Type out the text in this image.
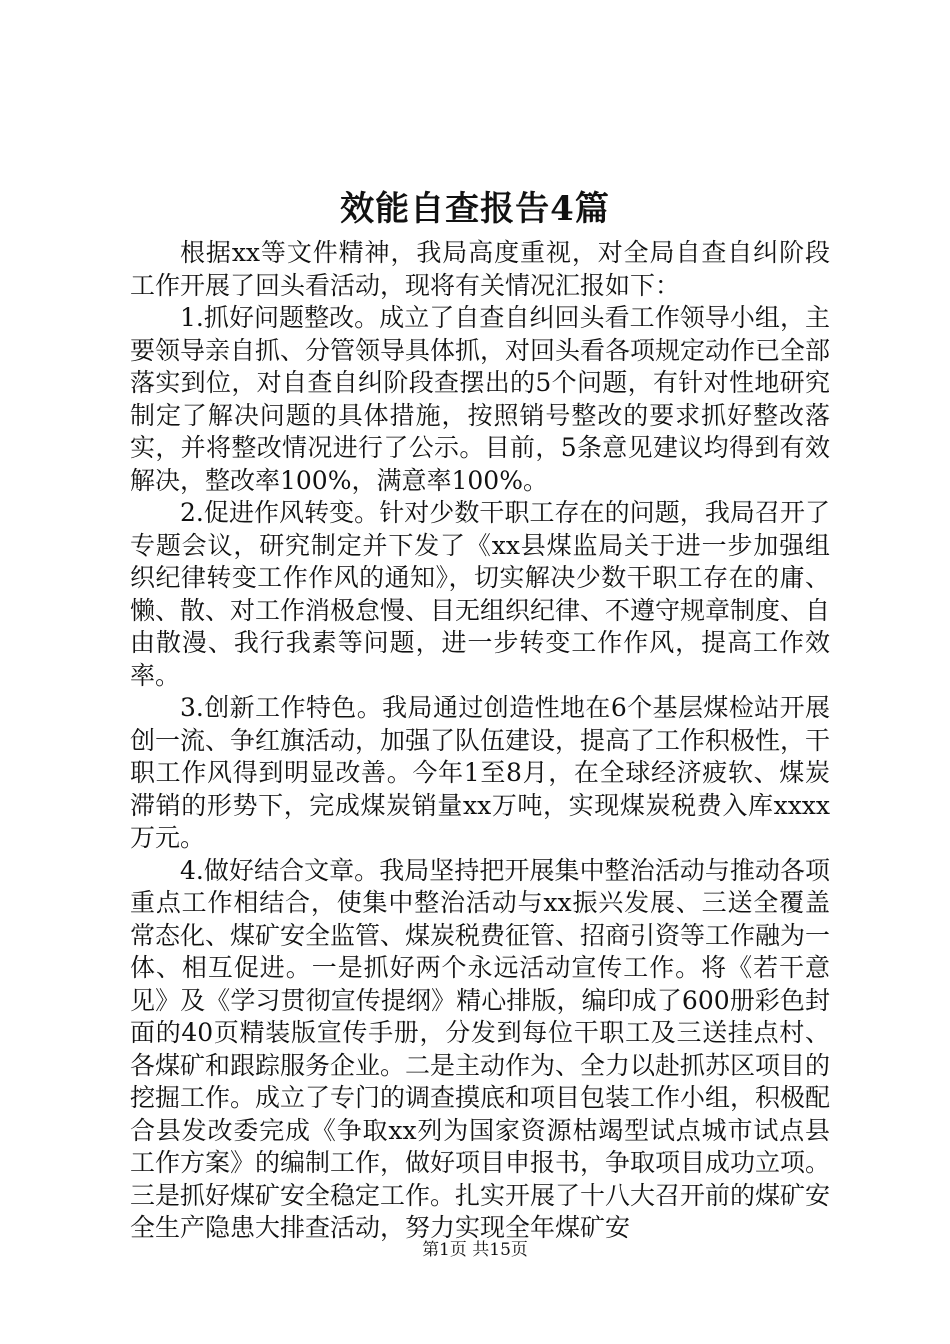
效能自查报告4篇

根据xx等文件精神，我局高度重视，对全局自查自纠阶段工作开展了回头看活动，现将有关情况汇报如下：

1.抓好问题整改。成立了自查自纠回头看工作领导小组，主要领导亲自抓、分管领导具体抓，对回头看各项规定动作已全部落实到位，对自查自纠阶段查摆出的5个问题，有针对性地研究制定了解决问题的具体措施，按照销号整改的要求抓好整改落实，并将整改情况进行了公示。目前，5条意见建议均得到有效解决，整改率100%，满意率100%。

2.促进作风转变。针对少数干职工存在的问题，我局召开了专题会议，研究制定并下发了《xx县煤监局关于进一步加强组织纪律转变工作作风的通知》，切实解决少数干职工存在的庸、懒、散、对工作消极怠慢、目无组织纪律、不遵守规章制度、自由散漫、我行我素等问题，进一步转变工作作风，提高工作效率。

3.创新工作特色。我局通过创造性地在6个基层煤检站开展创一流、争红旗活动，加强了队伍建设，提高了工作积极性，干职工作风得到明显改善。今年1至8月，在全球经济疲软、煤炭滞销的形势下，完成煤炭销量xx万吨，实现煤炭税费入库xxxx万元。

4.做好结合文章。我局坚持把开展集中整治活动与推动各项重点工作相结合，使集中整治活动与xx振兴发展、三送全覆盖常态化、煤矿安全监管、煤炭税费征管、招商引资等工作融为一体、相互促进。一是抓好两个永远活动宣传工作。将《若干意见》及《学习贯彻宣传提纲》精心排版，编印成了600册彩色封面的40页精装版宣传手册，分发到每位干职工及三送挂点村、各煤矿和跟踪服务企业。二是主动作为、全力以赴抓苏区项目的挖掘工作。成立了专门的调查摸底和项目包装工作小组，积极配合县发改委完成《争取xx列为国家资源枯竭型试点城市试点县工作方案》的编制工作，做好项目申报书，争取项目成功立项。三是抓好煤矿安全稳定工作。扎实开展了十八大召开前的煤矿安全生产隐患大排查活动，努力实现全年煤矿安

第1页 共15页
